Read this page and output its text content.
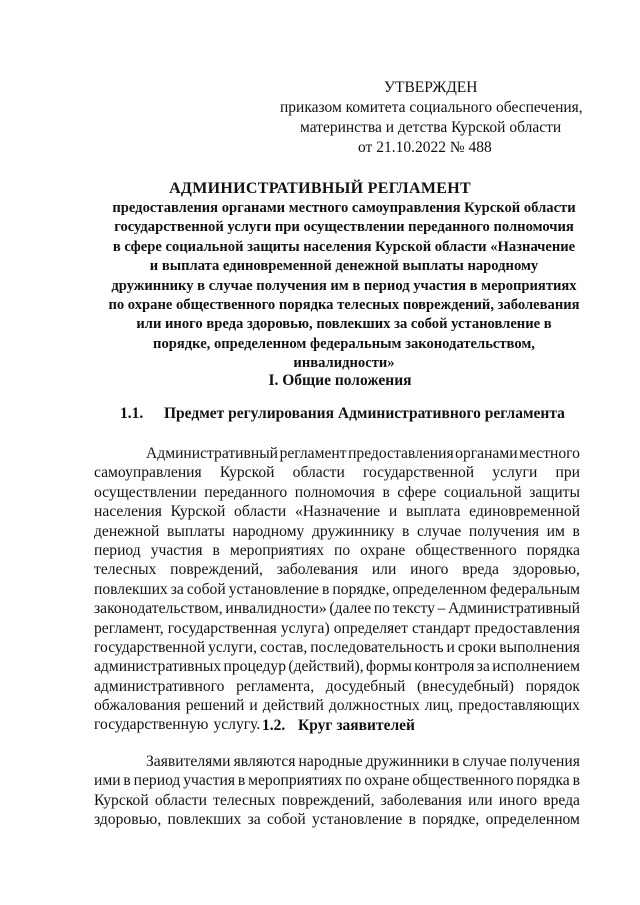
УТВЕРЖДЕН
приказом комитета социального обеспечения,
материнства и детства Курской области
от 21.10.2022 № 488
АДМИНИСТРАТИВНЫЙ РЕГЛАМЕНТ
предоставления органами местного самоуправления Курской области
государственной услуги при осуществлении переданного полномочия
в сфере социальной защиты населения Курской области «Назначение
и выплата единовременной денежной выплаты народному
дружиннику в случае получения им в период участия в мероприятиях
по охране общественного порядка телесных повреждений, заболевания
или иного вреда здоровью, повлекших за собой установление в
порядке, определенном федеральным законодательством,
инвалидности»
I. Общие положения
1.1. Предмет регулирования Административного регламента
Административный регламент предоставления органами местного
самоуправления Курской области государственной услуги при
осуществлении переданного полномочия в сфере социальной защиты
населения Курской области «Назначение и выплата единовременной
денежной выплаты народному дружиннику в случае получения им в
период участия в мероприятиях по охране общественного порядка
телесных повреждений, заболевания или иного вреда здоровью,
повлекших за собой установление в порядке, определенном федеральным
законодательством, инвалидности» (далее по тексту – Административный
регламент, государственная услуга) определяет стандарт предоставления
государственной услуги, состав, последовательность и сроки выполнения
административных процедур (действий), формы контроля за исполнением
административного регламента, досудебный (внесудебный) порядок
обжалования решений и действий должностных лиц, предоставляющих
государственную услугу. 1.2. Круг заявителей
Заявителями являются народные дружинники в случае получения
ими в период участия в мероприятиях по охране общественного порядка в
Курской области телесных повреждений, заболевания или иного вреда
здоровью, повлекших за собой установление в порядке, определенном
